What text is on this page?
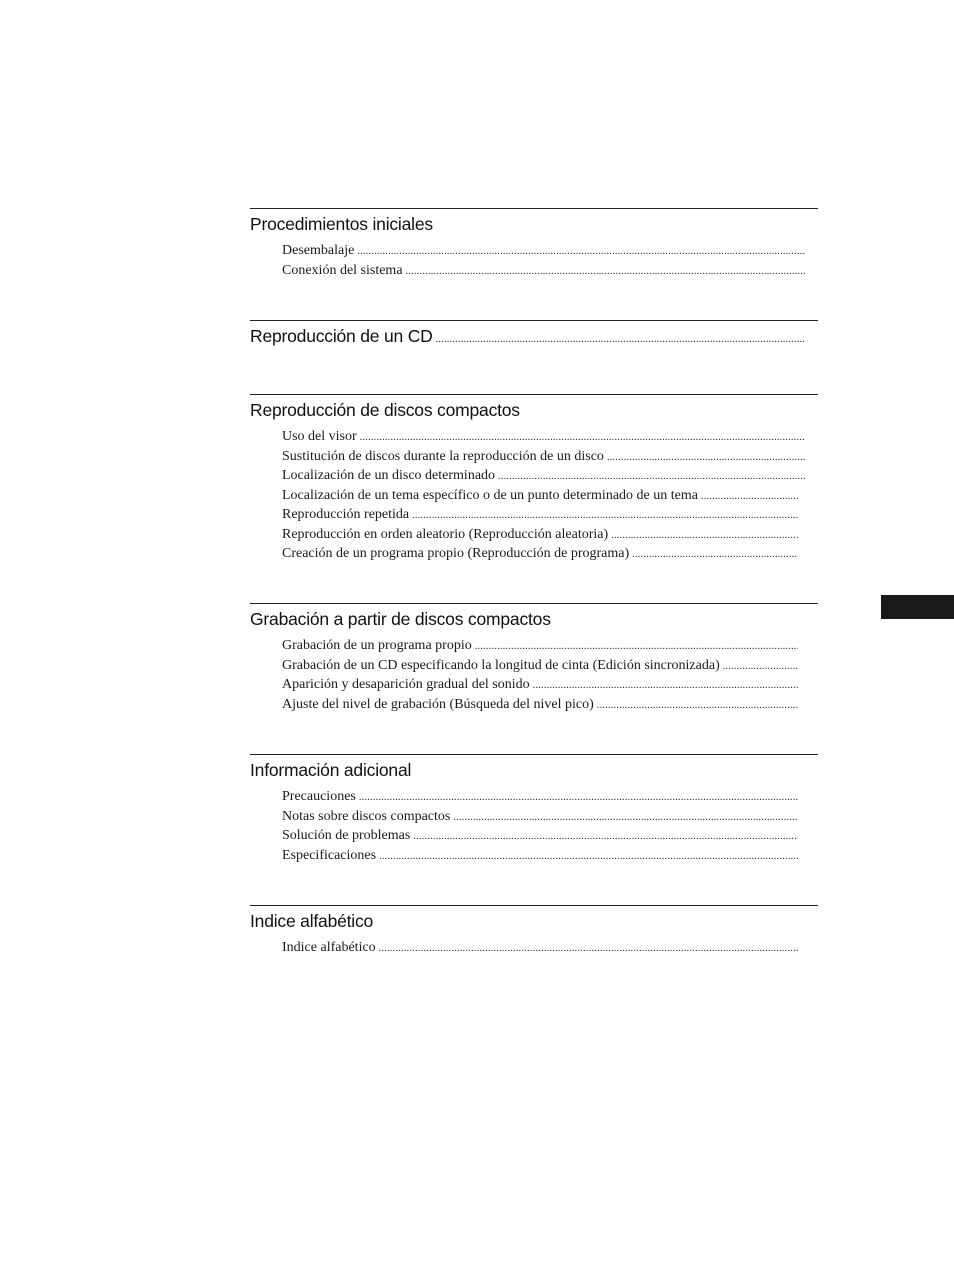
Procedimientos iniciales
Desembalaje
.....
Conexión del sistema
.....
Reproducción de un CD
.....
Reproducción de discos compactos
Uso del visor
.....
Sustitución de discos durante la reproducción de un disco
.....
Localización de un disco determinado
.....
Localización de un tema específico o de un punto determinado de un tema
.....
Reproducción repetida
.....
Reproducción en orden aleatorio (Reproducción aleatoria)
.....
Creación de un programa propio (Reproducción de programa)
.....
Grabación a partir de discos compactos
Grabación de un programa propio
.....
Grabación de un CD especificando la longitud de cinta (Edición sincronizada)
.....
Aparición y desaparición gradual del sonido
.....
Ajuste del nivel de grabación (Búsqueda del nivel pico)
.....
Información adicional
Precauciones
.....
Notas sobre discos compactos
.....
Solución de problemas
.....
Especificaciones
.....
Indice alfabético
Indice alfabético
.....
